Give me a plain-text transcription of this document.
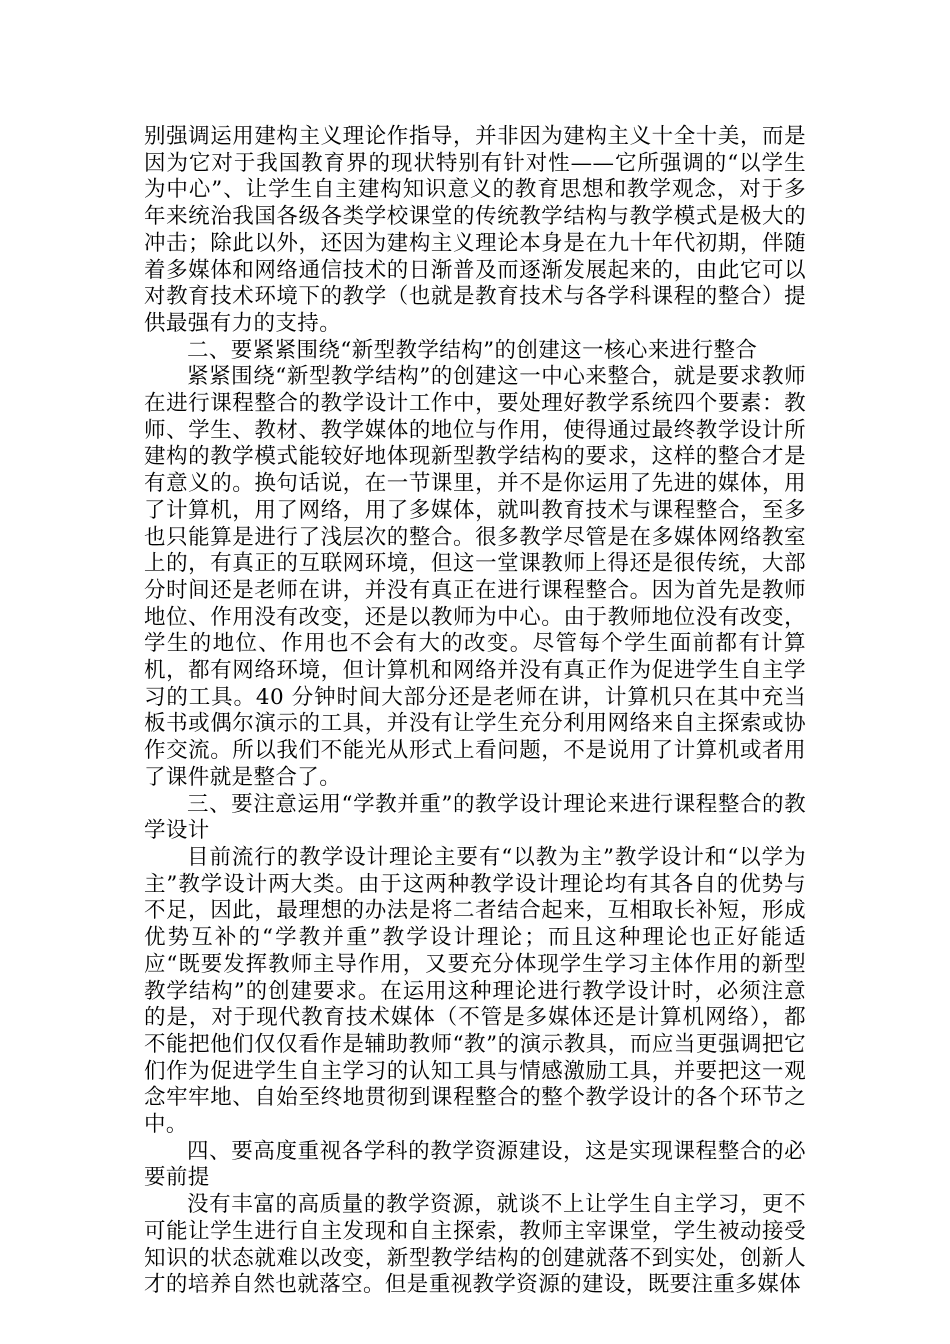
别强调运用建构主义理论作指导，并非因为建构主义十全十美，而是因为它对于我国教育界的现状特别有针对性——它所强调的“以学生为中心”、让学生自主建构知识意义的教育思想和教学观念，对于多年来统治我国各级各类学校课堂的传统教学结构与教学模式是极大的冲击；除此以外，还因为建构主义理论本身是在九十年代初期，伴随着多媒体和网络通信技术的日渐普及而逐渐发展起来的，由此它可以对教育技术环境下的教学（也就是教育技术与各学科课程的整合）提供最强有力的支持。

二、要紧紧围绕“新型教学结构”的创建这一核心来进行整合

紧紧围绕“新型教学结构”的创建这一中心来整合，就是要求教师在进行课程整合的教学设计工作中，要处理好教学系统四个要素：教师、学生、教材、教学媒体的地位与作用，使得通过最终教学设计所建构的教学模式能较好地体现新型教学结构的要求，这样的整合才是有意义的。换句话说，在一节课里，并不是你运用了先进的媒体，用了计算机，用了网络，用了多媒体，就叫教育技术与课程整合，至多也只能算是进行了浅层次的整合。很多教学尽管是在多媒体网络教室上的，有真正的互联网环境，但这一堂课教师上得还是很传统，大部分时间还是老师在讲，并没有真正在进行课程整合。因为首先是教师地位、作用没有改变，还是以教师为中心。由于教师地位没有改变，学生的地位、作用也不会有大的改变。尽管每个学生面前都有计算机，都有网络环境，但计算机和网络并没有真正作为促进学生自主学习的工具。40 分钟时间大部分还是老师在讲，计算机只在其中充当板书或偶尔演示的工具，并没有让学生充分利用网络来自主探索或协作交流。所以我们不能光从形式上看问题，不是说用了计算机或者用了课件就是整合了。

三、要注意运用“学教并重”的教学设计理论来进行课程整合的教学设计

目前流行的教学设计理论主要有“以教为主”教学设计和“以学为主”教学设计两大类。由于这两种教学设计理论均有其各自的优势与不足，因此，最理想的办法是将二者结合起来，互相取长补短，形成优势互补的“学教并重”教学设计理论；而且这种理论也正好能适应“既要发挥教师主导作用，又要充分体现学生学习主体作用的新型教学结构”的创建要求。在运用这种理论进行教学设计时，必须注意的是，对于现代教育技术媒体（不管是多媒体还是计算机网络），都不能把他们仅仅看作是辅助教师“教”的演示教具，而应当更强调把它们作为促进学生自主学习的认知工具与情感激励工具，并要把这一观念牢牢地、自始至终地贯彻到课程整合的整个教学设计的各个环节之中。

四、要高度重视各学科的教学资源建设，这是实现课程整合的必要前提

没有丰富的高质量的教学资源，就谈不上让学生自主学习，更不可能让学生进行自主发现和自主探索，教师主宰课堂，学生被动接受知识的状态就难以改变，新型教学结构的创建就落不到实处，创新人才的培养自然也就落空。但是重视教学资源的建设，既要注重多媒体
